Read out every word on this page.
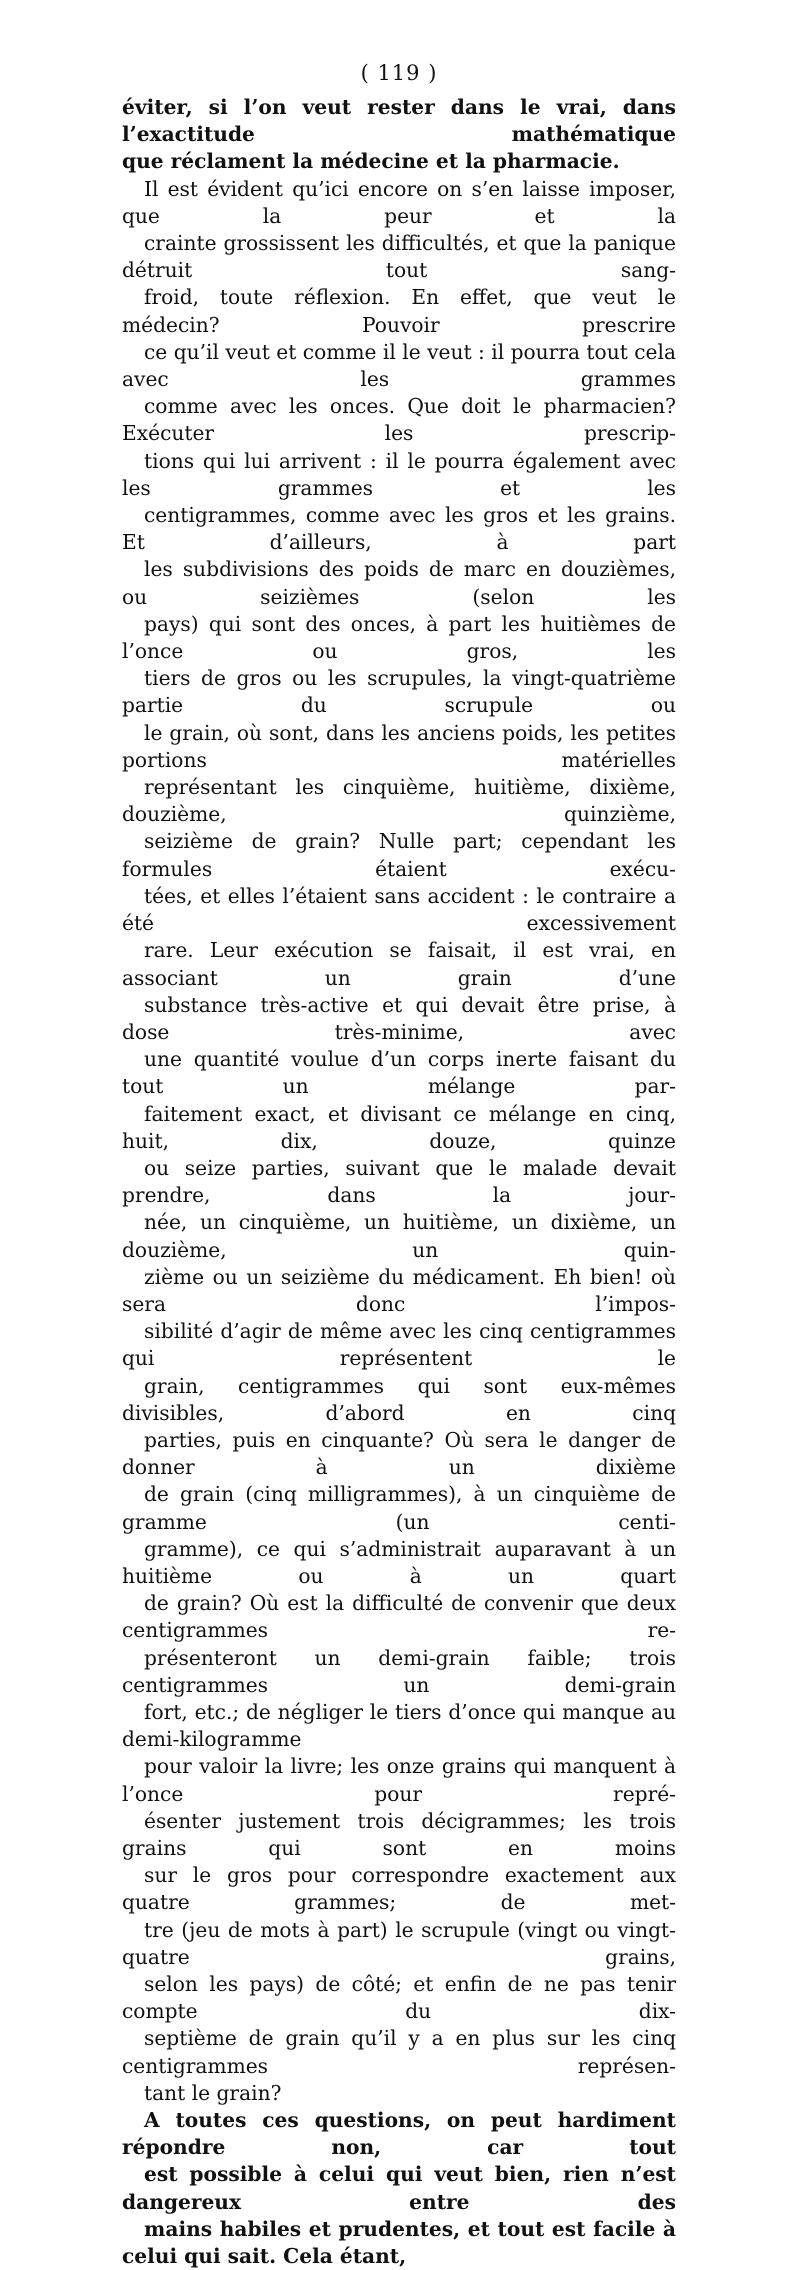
( 119 )
éviter, si l’on veut rester dans le vrai, dans l’exactitude mathématique
que réclament la médecine et la pharmacie.
Il est évident qu’ici encore on s’en laisse imposer, que la peur et la
crainte grossissent les difficultés, et que la panique détruit tout sang-
froid, toute réflexion. En effet, que veut le médecin? Pouvoir prescrire
ce qu’il veut et comme il le veut : il pourra tout cela avec les grammes
comme avec les onces. Que doit le pharmacien? Exécuter les prescrip-
tions qui lui arrivent : il le pourra également avec les grammes et les
centigrammes, comme avec les gros et les grains. Et d’ailleurs, à part
les subdivisions des poids de marc en douzièmes, ou seizièmes (selon les
pays) qui sont des onces, à part les huitièmes de l’once ou gros, les
tiers de gros ou les scrupules, la vingt-quatrième partie du scrupule ou
le grain, où sont, dans les anciens poids, les petites portions matérielles
représentant les cinquième, huitième, dixième, douzième, quinzième,
seizième de grain? Nulle part; cependant les formules étaient exécu-
tées, et elles l’étaient sans accident : le contraire a été excessivement
rare. Leur exécution se faisait, il est vrai, en associant un grain d’une
substance très-active et qui devait être prise, à dose très-minime, avec
une quantité voulue d’un corps inerte faisant du tout un mélange par-
faitement exact, et divisant ce mélange en cinq, huit, dix, douze, quinze
ou seize parties, suivant que le malade devait prendre, dans la jour-
née, un cinquième, un huitième, un dixième, un douzième, un quin-
zième ou un seizième du médicament. Eh bien! où sera donc l’impos-
sibilité d’agir de même avec les cinq centigrammes qui représentent le
grain, centigrammes qui sont eux-mêmes divisibles, d’abord en cinq
parties, puis en cinquante? Où sera le danger de donner à un dixième
de grain (cinq milligrammes), à un cinquième de gramme (un centi-
gramme), ce qui s’administrait auparavant à un huitième ou à un quart
de grain? Où est la difficulté de convenir que deux centigrammes re-
présenteront un demi-grain faible; trois centigrammes un demi-grain
fort, etc.; de négliger le tiers d’once qui manque au demi-kilogramme
pour valoir la livre; les onze grains qui manquent à l’once pour repré-
ésenter justement trois décigrammes; les trois grains qui sont en moins
sur le gros pour correspondre exactement aux quatre grammes; de met-
tre (jeu de mots à part) le scrupule (vingt ou vingt-quatre grains,
selon les pays) de côté; et enfin de ne pas tenir compte du dix-
septième de grain qu’il y a en plus sur les cinq centigrammes représen-
tant le grain?
A toutes ces questions, on peut hardiment répondre non, car tout
est possible à celui qui veut bien, rien n’est dangereux entre des
mains habiles et prudentes, et tout est facile à celui qui sait. Cela étant,
